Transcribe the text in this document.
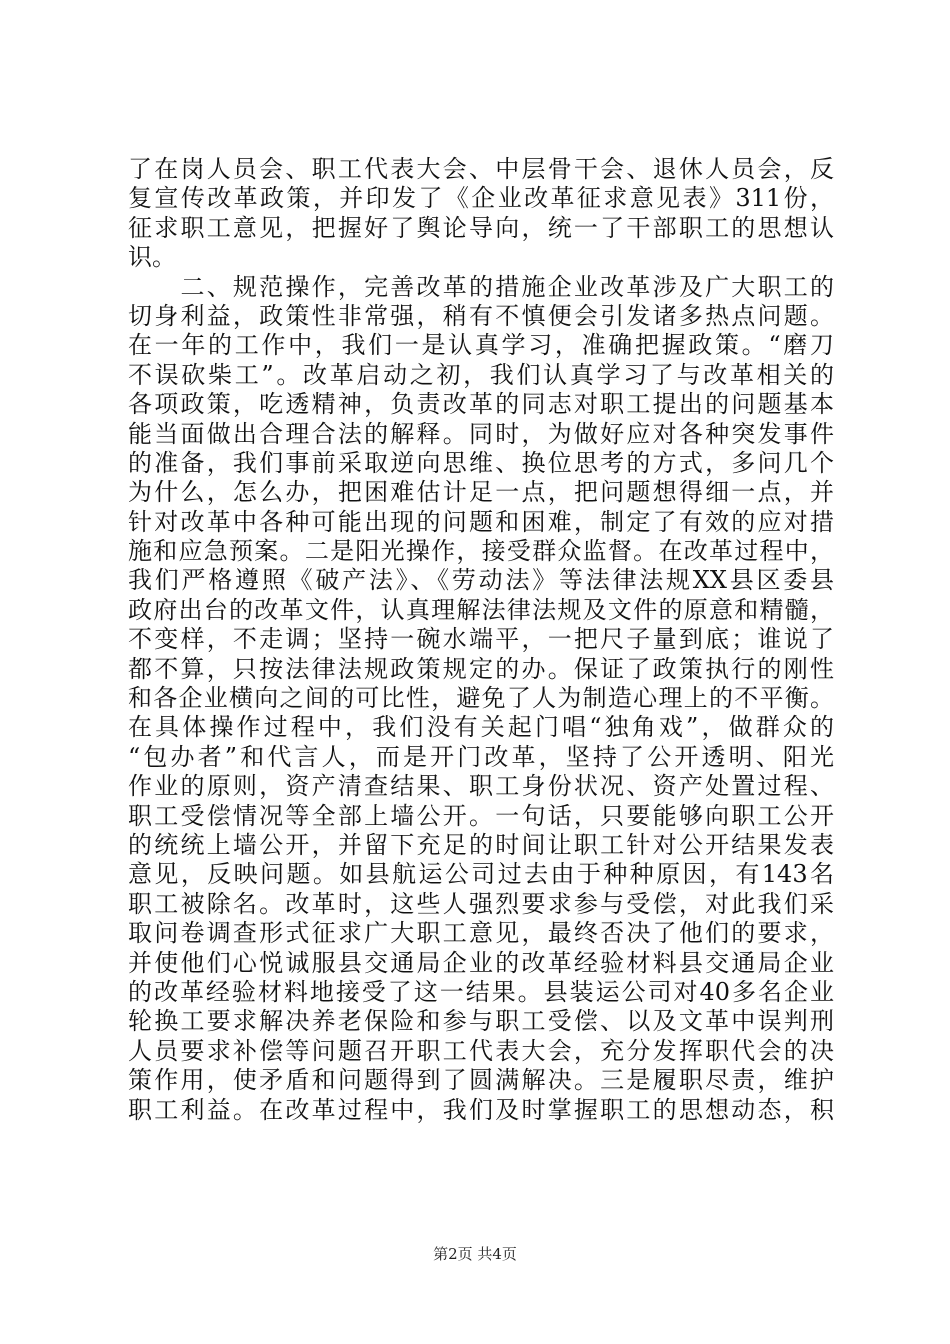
了在岗人员会、职工代表大会、中层骨干会、退休人员会，反
复宣传改革政策，并印发了《企业改革征求意见表》311份，
征求职工意见，把握好了舆论导向，统一了干部职工的思想认
识。
　　二、规范操作，完善改革的措施企业改革涉及广大职工的
切身利益，政策性非常强，稍有不慎便会引发诸多热点问题。
在一年的工作中，我们一是认真学习，准确把握政策。“磨刀
不误砍柴工”。改革启动之初，我们认真学习了与改革相关的
各项政策，吃透精神，负责改革的同志对职工提出的问题基本
能当面做出合理合法的解释。同时，为做好应对各种突发事件
的准备，我们事前采取逆向思维、换位思考的方式，多问几个
为什么，怎么办，把困难估计足一点，把问题想得细一点，并
针对改革中各种可能出现的问题和困难，制定了有效的应对措
施和应急预案。二是阳光操作，接受群众监督。在改革过程中，
我们严格遵照《破产法》、《劳动法》等法律法规XX县区委县
政府出台的改革文件，认真理解法律法规及文件的原意和精髓，
不变样，不走调；坚持一碗水端平，一把尺子量到底；谁说了
都不算，只按法律法规政策规定的办。保证了政策执行的刚性
和各企业横向之间的可比性，避免了人为制造心理上的不平衡。
在具体操作过程中，我们没有关起门唱“独角戏”，做群众的
“包办者”和代言人，而是开门改革，坚持了公开透明、阳光
作业的原则，资产清查结果、职工身份状况、资产处置过程、
职工受偿情况等全部上墙公开。一句话，只要能够向职工公开
的统统上墙公开，并留下充足的时间让职工针对公开结果发表
意见，反映问题。如县航运公司过去由于种种原因，有143名
职工被除名。改革时，这些人强烈要求参与受偿，对此我们采
取问卷调查形式征求广大职工意见，最终否决了他们的要求，
并使他们心悦诚服县交通局企业的改革经验材料县交通局企业
的改革经验材料地接受了这一结果。县装运公司对40多名企业
轮换工要求解决养老保险和参与职工受偿、以及文革中误判刑
人员要求补偿等问题召开职工代表大会，充分发挥职代会的决
策作用，使矛盾和问题得到了圆满解决。三是履职尽责，维护
职工利益。在改革过程中，我们及时掌握职工的思想动态，积
第2页 共4页
